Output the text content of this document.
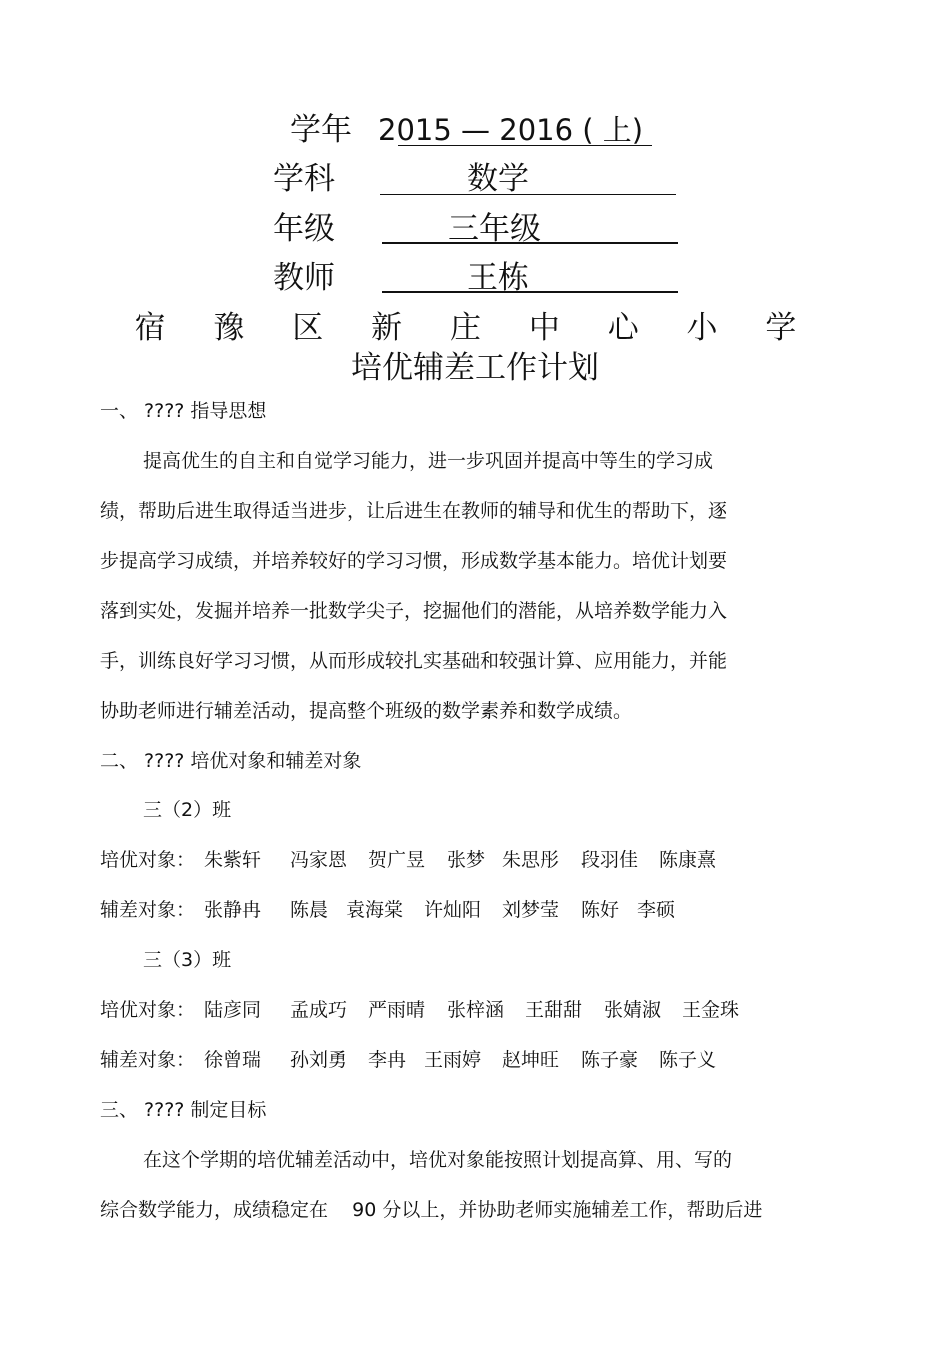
学年 2015 — 2016 ( 上)
学科	数学
年级	三年级
教师	王栋
宿 豫 区 新 庄 中 心 小 学
培优辅差工作计划
一、 ???? 指导思想
提高优生的自主和自觉学习能力，进一步巩固并提高中等生的学习成
绩，帮助后进生取得适当进步，让后进生在教师的辅导和优生的帮助下，逐
步提高学习成绩，并培养较好的学习习惯，形成数学基本能力。培优计划要
落到实处，发掘并培养一批数学尖子，挖掘他们的潜能，从培养数学能力入
手，训练良好学习习惯，从而形成较扎实基础和较强计算、应用能力，并能
协助老师进行辅差活动，提高整个班级的数学素养和数学成绩。
二、 ???? 培优对象和辅差对象
三（2）班
培优对象： 朱紫轩 冯家恩 贺广昱 张梦 朱思彤 段羽佳 陈康熹
辅差对象： 张静冉 陈晨 袁海棠 许灿阳 刘梦莹 陈好 李硕
三（3）班
培优对象： 陆彦同 孟成巧 严雨晴 张梓涵 王甜甜 张婧淑 王金珠
辅差对象： 徐曾瑞 孙刘勇 李冉 王雨婷 赵坤旺 陈子豪 陈子义
三、 ???? 制定目标
在这个学期的培优辅差活动中，培优对象能按照计划提高算、用、写的
综合数学能力，成绩稳定在    90 分以上，并协助老师实施辅差工作，帮助后进
